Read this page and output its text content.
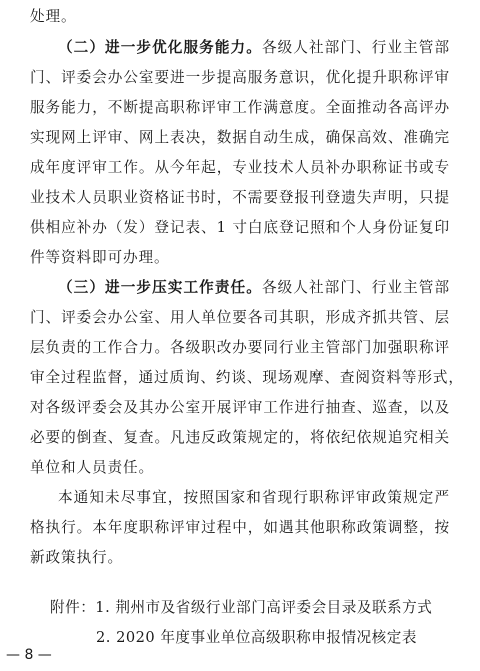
处理。
（二）进一步优化服务能力。各级人社部门、行业主管部
门、评委会办公室要进一步提高服务意识，优化提升职称评审
服务能力，不断提高职称评审工作满意度。全面推动各高评办
实现网上评审、网上表决，数据自动生成，确保高效、准确完
成年度评审工作。从今年起，专业技术人员补办职称证书或专
业技术人员职业资格证书时，不需要登报刊登遗失声明，只提
供相应补办（发）登记表、1 寸白底登记照和个人身份证复印
件等资料即可办理。
（三）进一步压实工作责任。各级人社部门、行业主管部
门、评委会办公室、用人单位要各司其职，形成齐抓共管、层
层负责的工作合力。各级职改办要同行业主管部门加强职称评
审全过程监督，通过质询、约谈、现场观摩、查阅资料等形式，
对各级评委会及其办公室开展评审工作进行抽查、巡查，以及
必要的倒查、复查。凡违反政策规定的，将依纪依规追究相关
单位和人员责任。
本通知未尽事宜，按照国家和省现行职称评审政策规定严
格执行。本年度职称评审过程中，如遇其他职称政策调整，按
新政策执行。
附件：1. 荆州市及省级行业部门高评委会目录及联系方式
2. 2020 年度事业单位高级职称申报情况核定表
— 8 —
